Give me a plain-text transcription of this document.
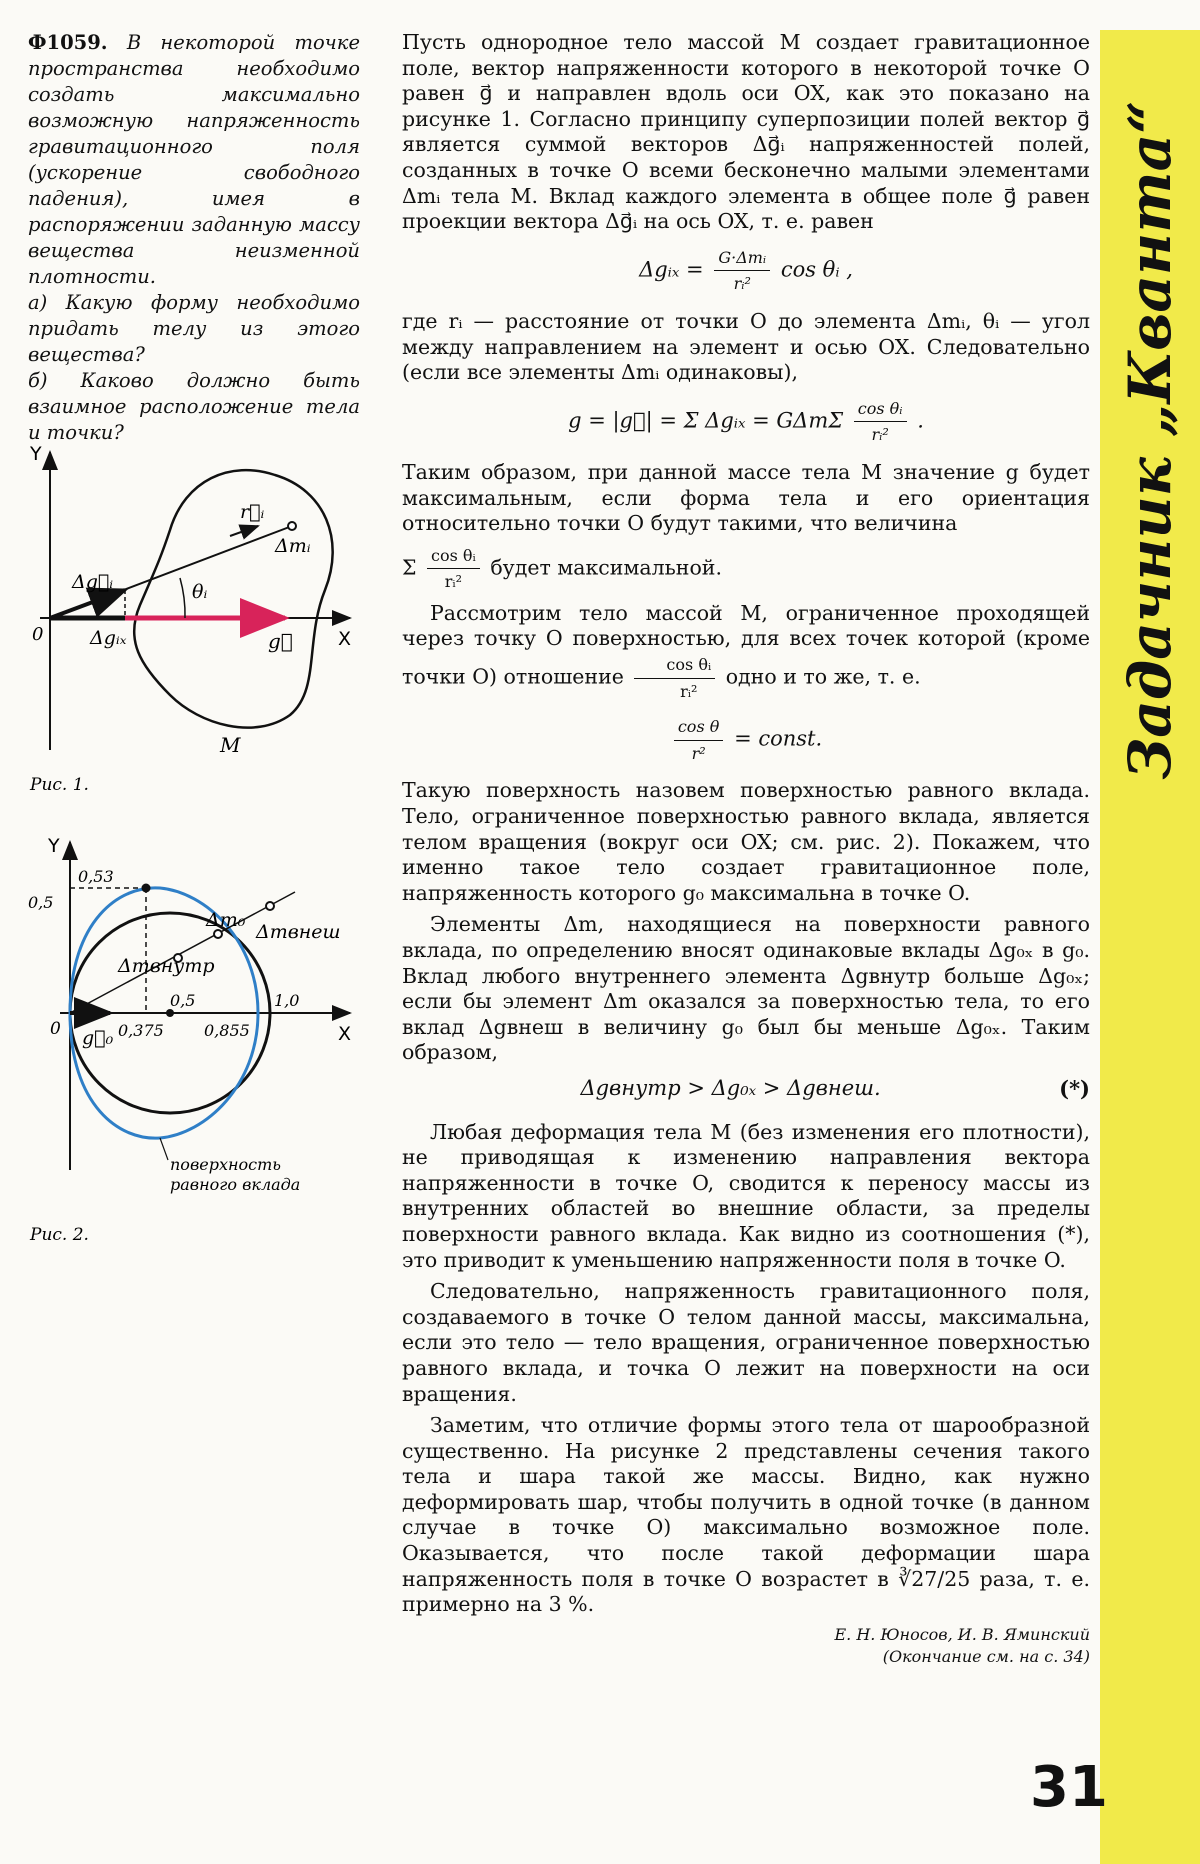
Ф1059. В некоторой точке пространства необходимо создать максимально возможную напряженность гравитационного поля (ускорение свободного падения), имея в распоряжении заданную массу вещества неизменной плотности.

а) Какую форму необходимо придать телу из этого вещества?

б) Каково должно быть взаимное расположение тела и точки?

Y
X
0
Δg⃗ᵢ
Δgᵢₓ	g⃗
r⃗ᵢ
Δmᵢ
θᵢ
M
Рис. 1.
Y
X
0
0,53
0,5
0,375
0,5
0,855
1,0
g⃗₀
Δm₀
Δmвнеш
Δmвнутр
поверхность
равного вклада
Рис. 2.

Пусть однородное тело массой M создает гравитационное поле, вектор напряженности которого в некоторой точке O равен g⃗ и направлен вдоль оси OX, как это показано на рисунке 1. Согласно принципу суперпозиции полей вектор g⃗ является суммой векторов Δg⃗ᵢ напряженностей полей, созданных в точке O всеми бесконечно малыми элементами Δmᵢ тела M. Вклад каждого элемента в общее поле g⃗ равен проекции вектора Δg⃗ᵢ на ось OX, т. е. равен

Δgᵢₓ = $\frac{\text{G·Δmᵢ}}{\text{rᵢ²}}$ cos θᵢ ,

где rᵢ — расстояние от точки O до элемента Δmᵢ, θᵢ — угол между направлением на элемент и осью OX. Следовательно (если все элементы Δmᵢ одинаковы),

g = |g⃗| = Σ Δgᵢₓ = GΔmΣ $\frac{\text{cos θᵢ}}{\text{rᵢ²}}$ .

Таким образом, при данной массе тела M значение g будет максимальным, если форма тела и его ориентация относительно точки O будут такими, что величина

Σ $\frac{\text{cos θᵢ}}{\text{rᵢ²}}$ будет максимальной.

Рассмотрим тело массой M, ограниченное проходящей через точку O поверхностью, для всех точек которой (кроме точки O) отношение $\frac{\text{cos θᵢ}}{\text{rᵢ²}}$ одно и то же, т. е.

$\frac{\text{cos θ}}{\text{r²}}$ = const.

Такую поверхность назовем поверхностью равного вклада. Тело, ограниченное поверхностью равного вклада, является телом вращения (вокруг оси OX; см. рис. 2). Покажем, что именно такое тело создает гравитационное поле, напряженность которого g₀ максимальна в точке O.

Элементы Δm, находящиеся на поверхности равного вклада, по определению вносят одинаковые вклады Δg₀ₓ в g₀. Вклад любого внутреннего элемента Δgвнутр больше Δg₀ₓ; если бы элемент Δm оказался за поверхностью тела, то его вклад Δgвнеш в величину g₀ был бы меньше Δg₀ₓ. Таким образом,

Δgвнутр > Δg₀ₓ > Δgвнеш.	(*)

Любая деформация тела M (без изменения его плотности), не приводящая к изменению направления вектора напряженности в точке O, сводится к переносу массы из внутренних областей во внешние области, за пределы поверхности равного вклада. Как видно из соотношения (*), это приводит к уменьшению напряженности поля в точке O.

Следовательно, напряженность гравитационного поля, создаваемого в точке O телом данной массы, максимальна, если это тело — тело вращения, ограниченное поверхностью равного вклада, и точка O лежит на поверхности на оси вращения.

Заметим, что отличие формы этого тела от шарообразной существенно. На рисунке 2 представлены сечения такого тела и шара такой же массы. Видно, как нужно деформировать шар, чтобы получить в одной точке (в данном случае в точке O) максимально возможное поле. Оказывается, что после такой деформации шара напряженность поля в точке O возрастет в ∛27/25 раза, т. е. примерно на 3 %.

Е. Н. Юносов, И. В. Яминский
(Окончание см. на с. 34)
Задачник „Кванта“
31
